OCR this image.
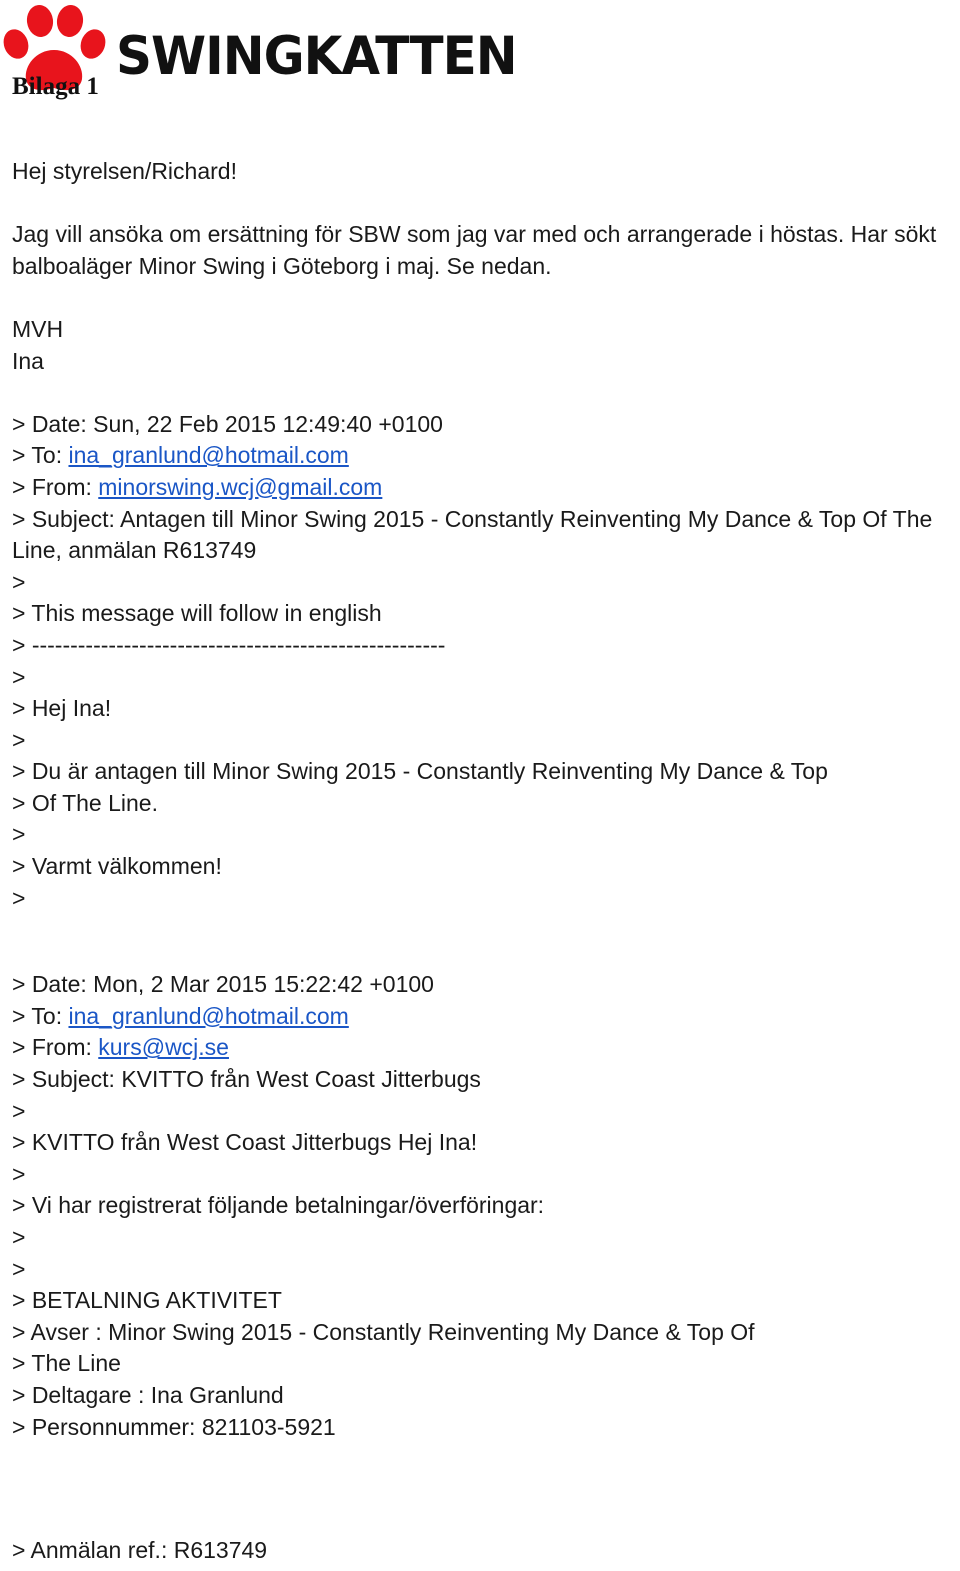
SWINGKATTEN
Bilaga 1
Hej styrelsen/Richard!
Jag vill ansöka om ersättning för SBW som jag var med och arrangerade i höstas. Har sökt balboaläger Minor Swing i Göteborg i maj. Se nedan.
MVH
Ina
> Date: Sun, 22 Feb 2015 12:49:40 +0100
> To: ina_granlund@hotmail.com
> From: minorswing.wcj@gmail.com
> Subject: Antagen till Minor Swing 2015 - Constantly Reinventing My Dance & Top Of The Line, anmälan R613749
>
> This message will follow in english
> ------------------------------------------------------
>
> Hej Ina!
>
> Du är antagen till Minor Swing 2015 - Constantly Reinventing My Dance & Top
> Of The Line.
>
> Varmt välkommen!
>
> Date: Mon, 2 Mar 2015 15:22:42 +0100
> To: ina_granlund@hotmail.com
> From: kurs@wcj.se
> Subject: KVITTO från West Coast Jitterbugs
>
> KVITTO från West Coast Jitterbugs Hej Ina!
>
> Vi har registrerat följande betalningar/överföringar:
>
>
> BETALNING AKTIVITET
> Avser : Minor Swing 2015 - Constantly Reinventing My Dance & Top Of
> The Line
> Deltagare : Ina Granlund
> Personnummer: 821103-5921
> Anmälan ref.: R613749
